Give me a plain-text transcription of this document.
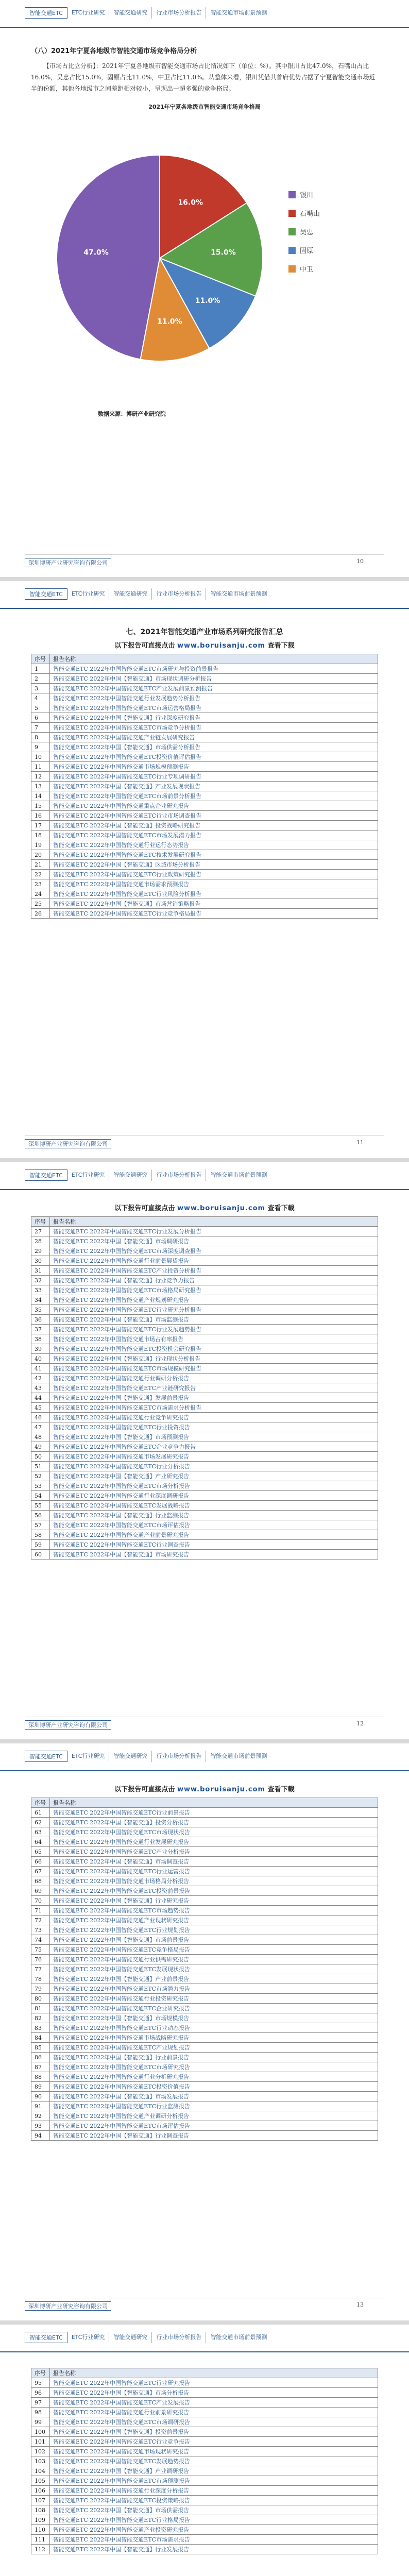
智能交通ETC	ETC行业研究	智能交通研究	行业市场分析报告	智能交通市场前景预测
（八）2021年宁夏各地级市智能交通市场竞争格局分析

【市场占比立分析】：2021年宁夏各地级市智能交通市场占比情况如下（单位：%）。其中银川占比47.0%，石嘴山占比16.0%，吴忠占比15.0%，固原占比11.0%，中卫占比11.0%。从整体来看，银川凭借其首府优势占据了宁夏智能交通市场近半的份额，其他各地级市之间差距相对较小，呈现出一超多强的竞争格局。

2021年宁夏各地级市智能交通市场竞争格局
16.0%
15.0%
11.0%
11.0%
47.0%
银川
石嘴山
吴忠
固原
中卫
数据来源：博研产业研究院
深圳博研产业研究咨询有限公司	10
智能交通ETC	ETC行业研究	智能交通研究	行业市场分析报告	智能交通市场前景预测
七、2021年智能交通产业市场系列研究报告汇总
以下报告可直接点击 www.boruisanju.com 查看下载
序号	报告名称
1	智能交通ETC 2022年中国智能交通ETC市场研究与投资前景报告
2	智能交通ETC 2022年中国【智能交通】市场现状调研分析报告
3	智能交通ETC 2022年中国智能交通ETC产业发展前景预测报告
4	智能交通ETC 2022年中国智能交通行业发展趋势分析报告
5	智能交通ETC 2022年中国智能交通ETC市场运营格局报告
6	智能交通ETC 2022年中国【智能交通】行业深度研究报告
7	智能交通ETC 2022年中国智能交通ETC市场竞争分析报告
8	智能交通ETC 2022年中国智能交通产业链发展研究报告
9	智能交通ETC 2022年中国【智能交通】市场供需分析报告
10	智能交通ETC 2022年中国智能交通ETC投资价值评估报告
11	智能交通ETC 2022年中国智能交通市场规模预测报告
12	智能交通ETC 2022年中国智能交通ETC行业专项调研报告
13	智能交通ETC 2022年中国【智能交通】产业发展现状报告
14	智能交通ETC 2022年中国智能交通ETC市场前景分析报告
15	智能交通ETC 2022年中国智能交通重点企业研究报告
16	智能交通ETC 2022年中国智能交通ETC行业市场调查报告
17	智能交通ETC 2022年中国【智能交通】投资战略研究报告
18	智能交通ETC 2022年中国智能交通ETC市场发展潜力报告
19	智能交通ETC 2022年中国智能交通行业运行态势报告
20	智能交通ETC 2022年中国智能交通ETC技术发展研究报告
21	智能交通ETC 2022年中国【智能交通】区域市场分析报告
22	智能交通ETC 2022年中国智能交通ETC行业政策研究报告
23	智能交通ETC 2022年中国智能交通市场需求预测报告
24	智能交通ETC 2022年中国智能交通ETC行业风险分析报告
25	智能交通ETC 2022年中国【智能交通】市场营销策略报告
26	智能交通ETC 2022年中国智能交通ETC行业竞争格局报告
深圳博研产业研究咨询有限公司	11
智能交通ETC	ETC行业研究	智能交通研究	行业市场分析报告	智能交通市场前景预测
以下报告可直接点击 www.boruisanju.com 查看下载
序号	报告名称
27	智能交通ETC 2022年中国智能交通ETC行业发展分析报告
28	智能交通ETC 2022年中国【智能交通】市场调研报告
29	智能交通ETC 2022年中国智能交通ETC市场深度调查报告
30	智能交通ETC 2022年中国智能交通行业前景展望报告
31	智能交通ETC 2022年中国智能交通ETC产业投资分析报告
32	智能交通ETC 2022年中国【智能交通】行业竞争力报告
33	智能交通ETC 2022年中国智能交通ETC市场格局研究报告
34	智能交通ETC 2022年中国智能交通产业规划研究报告
35	智能交通ETC 2022年中国智能交通ETC行业研究分析报告
36	智能交通ETC 2022年中国【智能交通】市场监测报告
37	智能交通ETC 2022年中国智能交通ETC行业发展趋势报告
38	智能交通ETC 2022年中国智能交通市场占有率报告
39	智能交通ETC 2022年中国智能交通ETC投资机会研究报告
40	智能交通ETC 2022年中国【智能交通】行业现状分析报告
41	智能交通ETC 2022年中国智能交通ETC市场规模研究报告
42	智能交通ETC 2022年中国智能交通行业调研分析报告
43	智能交通ETC 2022年中国智能交通ETC产业链研究报告
44	智能交通ETC 2022年中国【智能交通】发展前景报告
45	智能交通ETC 2022年中国智能交通ETC市场需求分析报告
46	智能交通ETC 2022年中国智能交通行业竞争研究报告
47	智能交通ETC 2022年中国智能交通ETC行业投资报告
48	智能交通ETC 2022年中国【智能交通】市场预测报告
49	智能交通ETC 2022年中国智能交通ETC企业竞争力报告
50	智能交通ETC 2022年中国智能交通市场发展研究报告
51	智能交通ETC 2022年中国智能交通ETC行业分析报告
52	智能交通ETC 2022年中国【智能交通】产业研究报告
53	智能交通ETC 2022年中国智能交通ETC市场分析报告
54	智能交通ETC 2022年中国智能交通行业深度调研报告
55	智能交通ETC 2022年中国智能交通ETC发展战略报告
56	智能交通ETC 2022年中国【智能交通】行业监测报告
57	智能交通ETC 2022年中国智能交通ETC市场评估报告
58	智能交通ETC 2022年中国智能交通产业前景研究报告
59	智能交通ETC 2022年中国智能交通ETC行业调查报告
60	智能交通ETC 2022年中国【智能交通】市场研究报告
深圳博研产业研究咨询有限公司	12
智能交通ETC	ETC行业研究	智能交通研究	行业市场分析报告	智能交通市场前景预测
以下报告可直接点击 www.boruisanju.com 查看下载
序号	报告名称
61	智能交通ETC 2022年中国智能交通ETC行业前景报告
62	智能交通ETC 2022年中国【智能交通】投资分析报告
63	智能交通ETC 2022年中国智能交通ETC市场现状报告
64	智能交通ETC 2022年中国智能交通行业发展研究报告
65	智能交通ETC 2022年中国智能交通ETC产业分析报告
66	智能交通ETC 2022年中国【智能交通】市场调查报告
67	智能交通ETC 2022年中国智能交通ETC行业运营报告
68	智能交通ETC 2022年中国智能交通市场格局分析报告
69	智能交通ETC 2022年中国智能交通ETC投资前景报告
70	智能交通ETC 2022年中国【智能交通】行业研究报告
71	智能交通ETC 2022年中国智能交通ETC市场趋势报告
72	智能交通ETC 2022年中国智能交通产业现状研究报告
73	智能交通ETC 2022年中国智能交通ETC行业规划报告
74	智能交通ETC 2022年中国【智能交通】市场前景报告
75	智能交通ETC 2022年中国智能交通ETC竞争格局报告
76	智能交通ETC 2022年中国智能交通行业供需研究报告
77	智能交通ETC 2022年中国智能交通ETC发展现状报告
78	智能交通ETC 2022年中国【智能交通】产业前景报告
79	智能交通ETC 2022年中国智能交通ETC市场潜力报告
80	智能交通ETC 2022年中国智能交通行业投资研究报告
81	智能交通ETC 2022年中国智能交通ETC企业研究报告
82	智能交通ETC 2022年中国【智能交通】市场规模报告
83	智能交通ETC 2022年中国智能交通ETC行业动态报告
84	智能交通ETC 2022年中国智能交通市场战略研究报告
85	智能交通ETC 2022年中国智能交通ETC产业规划报告
86	智能交通ETC 2022年中国【智能交通】行业前景报告
87	智能交通ETC 2022年中国智能交通ETC市场研究报告
88	智能交通ETC 2022年中国智能交通行业分析研究报告
89	智能交通ETC 2022年中国智能交通ETC投资价值报告
90	智能交通ETC 2022年中国【智能交通】市场发展报告
91	智能交通ETC 2022年中国智能交通ETC行业监测报告
92	智能交通ETC 2022年中国智能交通产业调研分析报告
93	智能交通ETC 2022年中国智能交通ETC市场评估报告
94	智能交通ETC 2022年中国【智能交通】行业调查报告
深圳博研产业研究咨询有限公司	13
智能交通ETC	ETC行业研究	智能交通研究	行业市场分析报告	智能交通市场前景预测
序号	报告名称
95	智能交通ETC 2022年中国智能交通ETC行业研究报告
96	智能交通ETC 2022年中国【智能交通】市场分析报告
97	智能交通ETC 2022年中国智能交通ETC产业发展报告
98	智能交通ETC 2022年中国智能交通行业前景研究报告
99	智能交通ETC 2022年中国智能交通ETC市场调研报告
100	智能交通ETC 2022年中国【智能交通】投资前景报告
101	智能交通ETC 2022年中国智能交通ETC行业竞争报告
102	智能交通ETC 2022年中国智能交通市场现状研究报告
103	智能交通ETC 2022年中国智能交通ETC发展趋势报告
104	智能交通ETC 2022年中国【智能交通】产业调研报告
105	智能交通ETC 2022年中国智能交通ETC市场预测报告
106	智能交通ETC 2022年中国智能交通行业深度分析报告
107	智能交通ETC 2022年中国智能交通ETC投资策略报告
108	智能交通ETC 2022年中国【智能交通】市场供需报告
109	智能交通ETC 2022年中国智能交通ETC行业格局报告
110	智能交通ETC 2022年中国智能交通产业投资研究报告
111	智能交通ETC 2022年中国智能交通ETC市场需求报告
112	智能交通ETC 2022年中国【智能交通】行业发展报告
